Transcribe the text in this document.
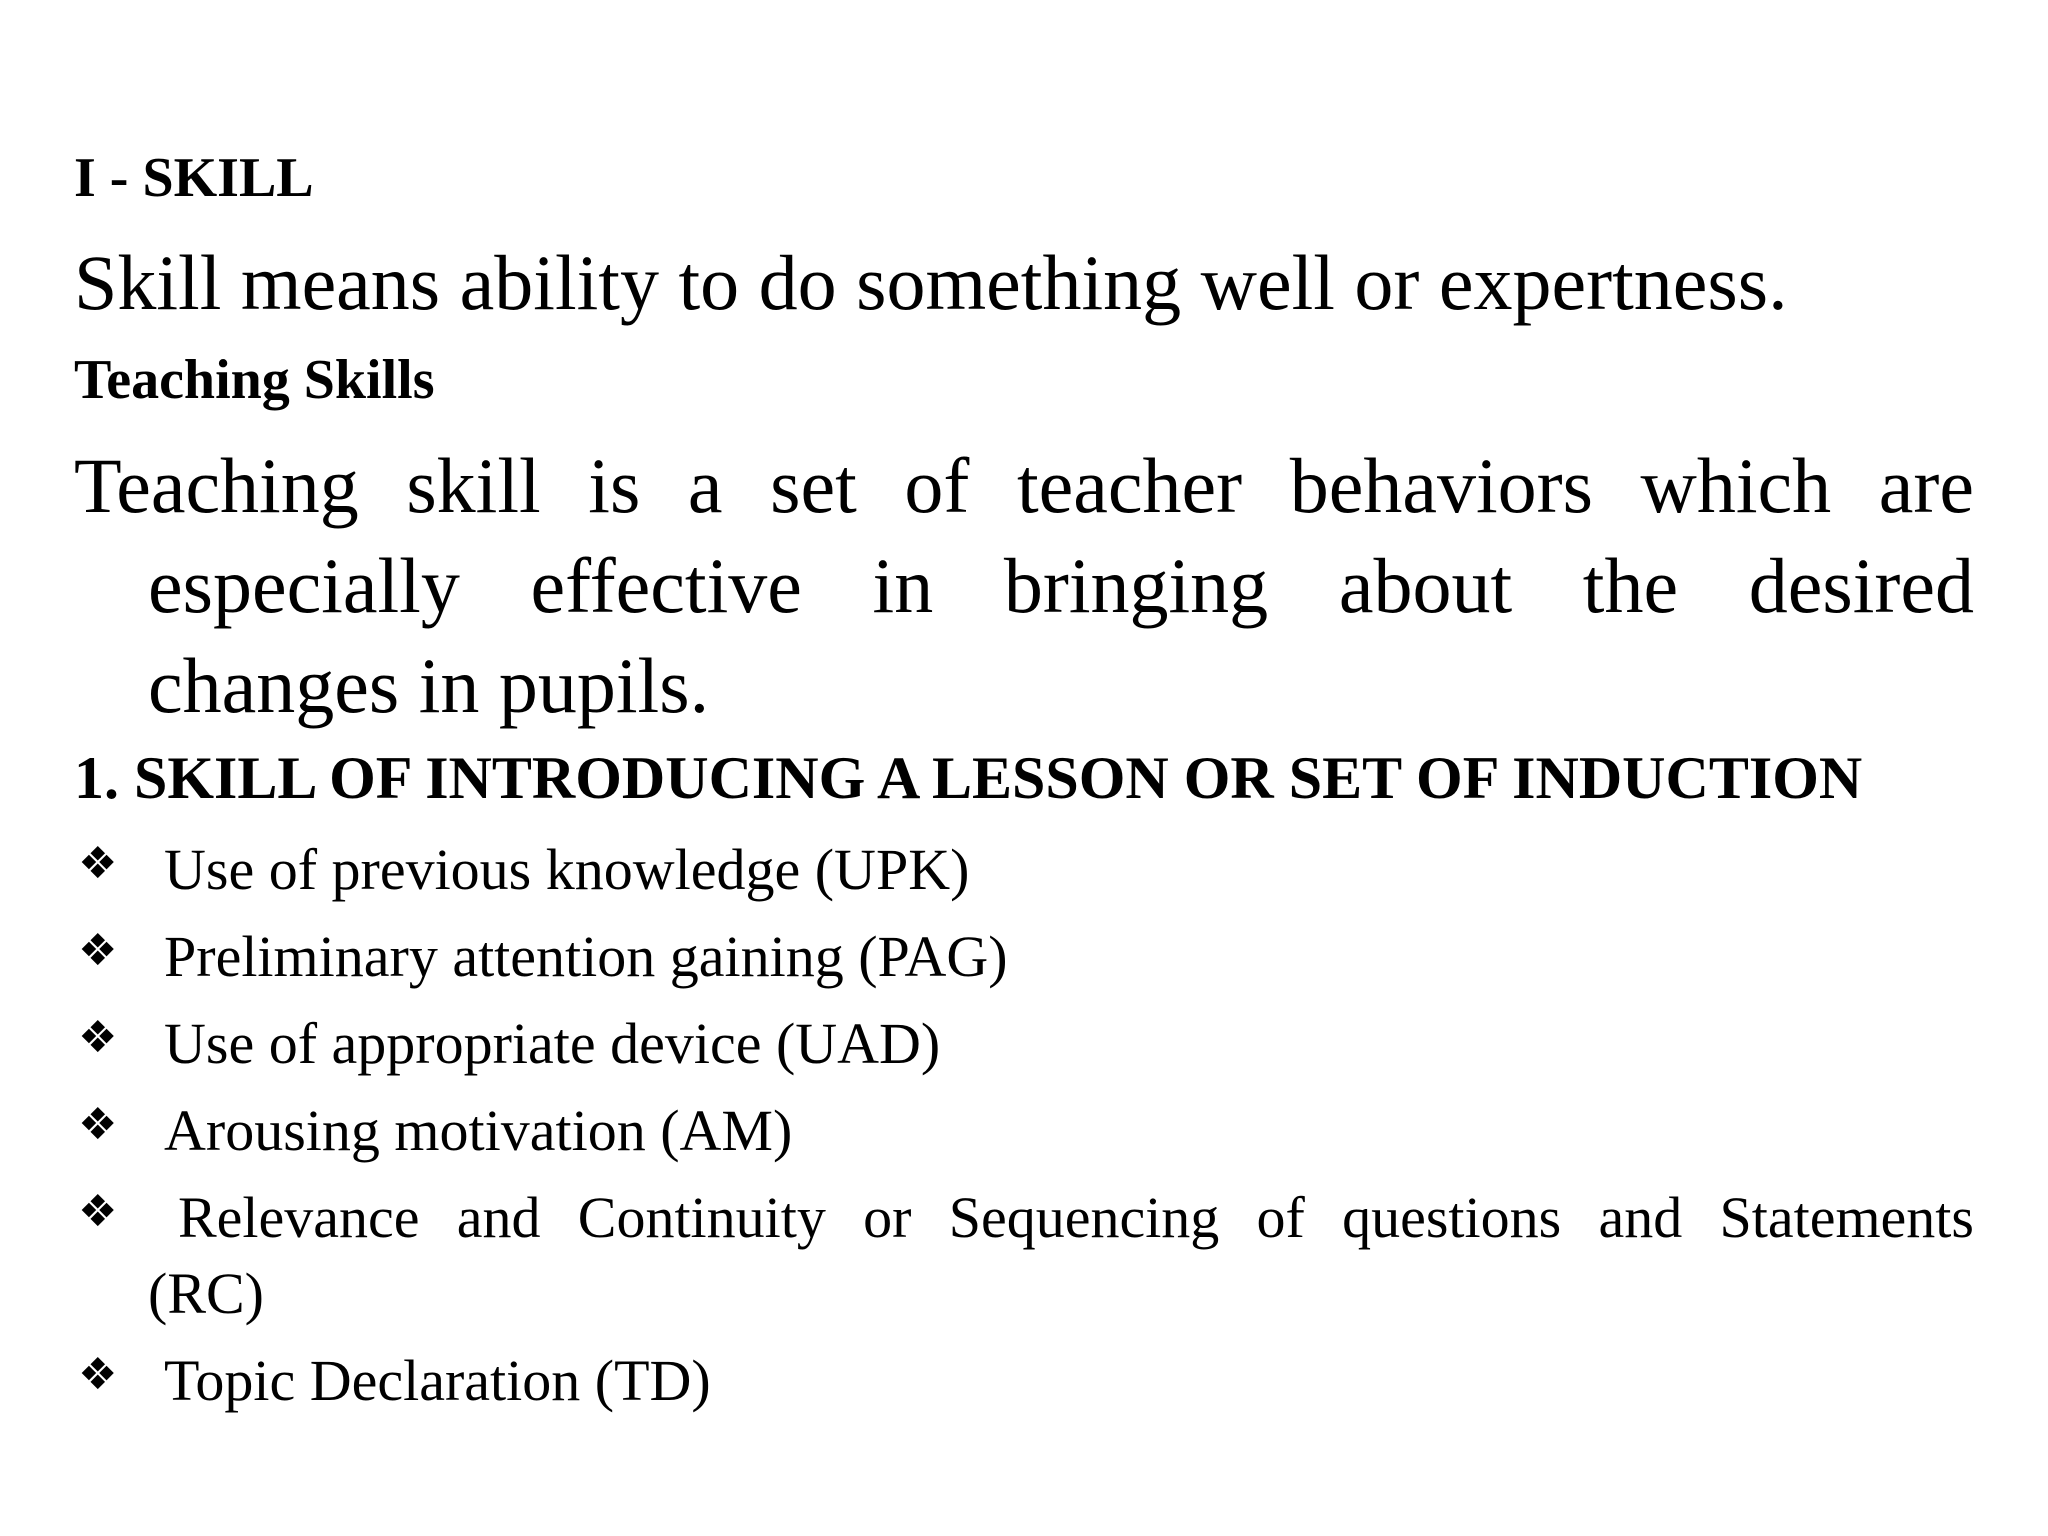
I - SKILL
Skill means ability to do something well or expertness.
Teaching Skills
Teaching skill is a set of teacher behaviors which are
especially effective in bringing about the desired
changes in pupils.
1. SKILL OF INTRODUCING A LESSON OR SET OF INDUCTION
❖ Use of previous knowledge (UPK)
❖ Preliminary attention gaining (PAG)
❖ Use of appropriate device (UAD)
❖ Arousing motivation (AM)
❖	Relevance and Continuity or Sequencing of questions and Statements
(RC)
❖ Topic Declaration (TD)
